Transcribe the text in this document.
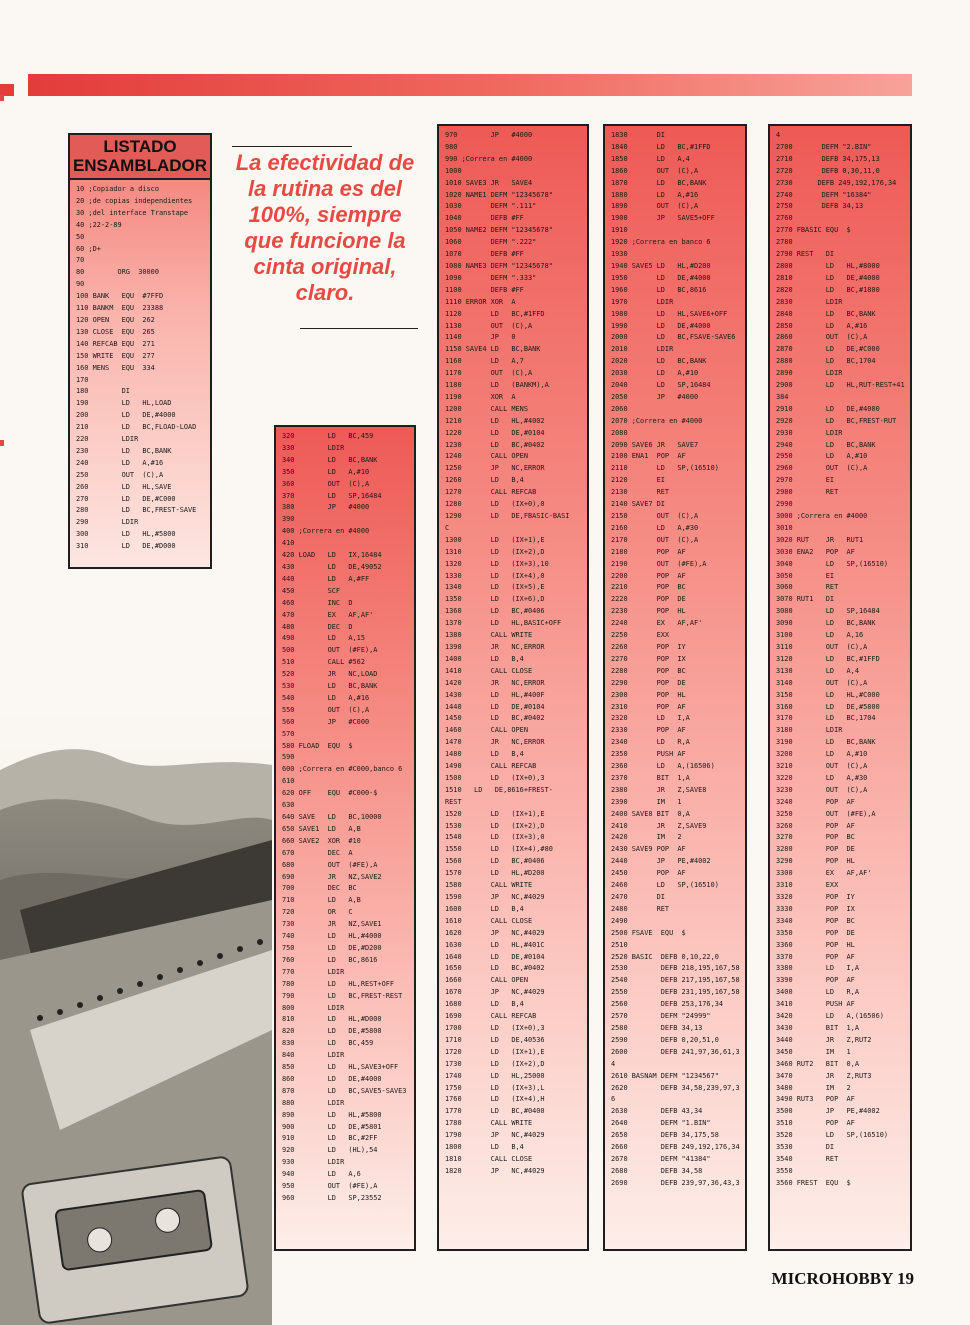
LISTADO
ENSAMBLADOR
10 ;Copiador a disco
20 ;de copias independientes
30 ;del interface Transtape
40 ;22-2-89
50
60 ;D+
70
80        ORG  30000
90
100 BANK   EQU  #7FFD
110 BANKM  EQU  23388
120 OPEN   EQU  262
130 CLOSE  EQU  265
140 REFCAB EQU  271
150 WRITE  EQU  277
160 MENS   EQU  334
170
180        DI
190        LD   HL,LOAD
200        LD   DE,#4000
210        LD   BC,FLOAD-LOAD
220        LDIR
230        LD   BC,BANK
240        LD   A,#16
250        OUT  (C),A
260        LD   HL,SAVE
270        LD   DE,#C000
280        LD   BC,FREST-SAVE
290        LDIR
300        LD   HL,#5800
310        LD   DE,#D000
La efectividad de la rutina es del 100%, siempre que funcione la cinta original, claro.
320        LD   BC,459
330        LDIR
340        LD   BC,BANK
350        LD   A,#10
360        OUT  (C),A
370        LD   SP,16484
380        JP   #4000
390
400 ;Correra en #4000
410
420 LOAD   LD   IX,16484
430        LD   DE,49052
440        LD   A,#FF
450        SCF
460        INC  D
470        EX   AF,AF'
480        DEC  D
490        LD   A,15
500        OUT  (#FE),A
510        CALL #562
520        JR   NC,LOAD
530        LD   BC,BANK
540        LD   A,#16
550        OUT  (C),A
560        JP   #C000
570
580 FLOAD  EQU  $
590
600 ;Correra en #C000,banco 6
610
620 OFF    EQU  #C000-$
630
640 SAVE   LD   BC,10000
650 SAVE1  LD   A,B
660 SAVE2  XOR  #10
670        DEC  A
680        OUT  (#FE),A
690        JR   NZ,SAVE2
700        DEC  BC
710        LD   A,B
720        OR   C
730        JR   NZ,SAVE1
740        LD   HL,#4000
750        LD   DE,#D200
760        LD   BC,8616
770        LDIR
780        LD   HL,REST+OFF
790        LD   BC,FREST-REST
800        LDIR
810        LD   HL,#D000
820        LD   DE,#5800
830        LD   BC,459
840        LDIR
850        LD   HL,SAVE3+OFF
860        LD   DE,#4000
870        LD   BC,SAVE5-SAVE3
880        LDIR
890        LD   HL,#5800
900        LD   DE,#5801
910        LD   BC,#2FF
920        LD   (HL),54
930        LDIR
940        LD   A,6
950        OUT  (#FE),A
960        LD   SP,23552
970        JP   #4000
980
990 ;Correra en #4000
1000
1010 SAVE3 JR   SAVE4
1020 NAME1 DEFM "12345678"
1030       DEFM ".111"
1040       DEFB #FF
1050 NAME2 DEFM "12345678"
1060       DEFM ".222"
1070       DEFB #FF
1080 NAME3 DEFM "12345678"
1090       DEFM ".333"
1100       DEFB #FF
1110 ERROR XOR  A
1120       LD   BC,#1FFD
1130       OUT  (C),A
1140       JP   0
1150 SAVE4 LD   BC,BANK
1160       LD   A,7
1170       OUT  (C),A
1180       LD   (BANKM),A
1190       XOR  A
1200       CALL MENS
1210       LD   HL,#4002
1220       LD   DE,#0104
1230       LD   BC,#0402
1240       CALL OPEN
1250       JP   NC,ERROR
1260       LD   B,4
1270       CALL REFCAB
1280       LD   (IX+0),0
1290       LD   DE,FBASIC-BASI
C
1300       LD   (IX+1),E
1310       LD   (IX+2),D
1320       LD   (IX+3),10
1330       LD   (IX+4),0
1340       LD   (IX+5),E
1350       LD   (IX+6),D
1360       LD   BC,#0406
1370       LD   HL,BASIC+OFF
1380       CALL WRITE
1390       JR   NC,ERROR
1400       LD   B,4
1410       CALL CLOSE
1420       JR   NC,ERROR
1430       LD   HL,#400F
1440       LD   DE,#0104
1450       LD   BC,#0402
1460       CALL OPEN
1470       JR   NC,ERROR
1480       LD   B,4
1490       CALL REFCAB
1500       LD   (IX+0),3
1510   LD   DE,8616+FREST-
REST
1520       LD   (IX+1),E
1530       LD   (IX+2),D
1540       LD   (IX+3),0
1550       LD   (IX+4),#80
1560       LD   BC,#0406
1570       LD   HL,#D200
1580       CALL WRITE
1590       JP   NC,#4029
1600       LD   B,4
1610       CALL CLOSE
1620       JP   NC,#4029
1630       LD   HL,#401C
1640       LD   DE,#0104
1650       LD   BC,#0402
1660       CALL OPEN
1670       JP   NC,#4029
1680       LD   B,4
1690       CALL REFCAB
1700       LD   (IX+0),3
1710       LD   DE,40536
1720       LD   (IX+1),E
1730       LD   (IX+2),D
1740       LD   HL,25000
1750       LD   (IX+3),L
1760       LD   (IX+4),H
1770       LD   BC,#0400
1780       CALL WRITE
1790       JP   NC,#4029
1800       LD   B,4
1810       CALL CLOSE
1820       JP   NC,#4029
1830       DI
1840       LD   BC,#1FFD
1850       LD   A,4
1860       OUT  (C),A
1870       LD   BC,BANK
1880       LD   A,#16
1890       OUT  (C),A
1900       JP   SAVE5+OFF
1910
1920 ;Correra en banco 6
1930
1940 SAVE5 LD   HL,#D200
1950       LD   DE,#4000
1960       LD   BC,8616
1970       LDIR
1980       LD   HL,SAVE6+OFF
1990       LD   DE,#4000
2000       LD   BC,FSAVE-SAVE6
2010       LDIR
2020       LD   BC,BANK
2030       LD   A,#10
2040       LD   SP,16484
2050       JP   #4000
2060
2070 ;Correra en #4000
2080
2090 SAVE6 JR   SAVE7
2100 ENA1  POP  AF
2110       LD   SP,(16510)
2120       EI
2130       RET
2140 SAVE7 DI
2150       OUT  (C),A
2160       LD   A,#30
2170       OUT  (C),A
2180       POP  AF
2190       OUT  (#FE),A
2200       POP  AF
2210       POP  BC
2220       POP  DE
2230       POP  HL
2240       EX   AF,AF'
2250       EXX
2260       POP  IY
2270       POP  IX
2280       POP  BC
2290       POP  DE
2300       POP  HL
2310       POP  AF
2320       LD   I,A
2330       POP  AF
2340       LD   R,A
2350       PUSH AF
2360       LD   A,(16506)
2370       BIT  1,A
2380       JR   Z,SAVE8
2390       IM   1
2400 SAVE8 BIT  0,A
2410       JR   Z,SAVE9
2420       IM   2
2430 SAVE9 POP  AF
2440       JP   PE,#4002
2450       POP  AF
2460       LD   SP,(16510)
2470       DI
2480       RET
2490
2500 FSAVE  EQU  $
2510
2520 BASIC  DEFB 0,10,22,0
2530        DEFB 218,195,167,58
2540        DEFB 217,195,167,58
2550        DEFB 231,195,167,58
2560        DEFB 253,176,34
2570        DEFM "24999"
2580        DEFB 34,13
2590        DEFB 0,20,51,0
2600        DEFB 241,97,36,61,3
4
2610 BASNAM DEFM "1234567"
2620        DEFB 34,58,239,97,3
6
2630        DEFB 43,34
2640        DEFM "1.BIN"
2650        DEFB 34,175,58
2660        DEFB 249,192,176,34
2670        DEFM "41384"
2680        DEFB 34,58
2690        DEFB 239,97,36,43,3
4
2700       DEFM "2.BIN"
2710       DEFB 34,175,13
2720       DEFB 0,30,11,0
2730      DEFB 249,192,176,34
2740       DEFM "16384"
2750       DEFB 34,13
2760
2770 FBASIC EQU  $
2780
2790 REST   DI
2800        LD   HL,#8000
2810        LD   DE,#4000
2820        LD   BC,#1800
2830        LDIR
2840        LD   BC,BANK
2850        LD   A,#16
2860        OUT  (C),A
2870        LD   DE,#C000
2880        LD   BC,1704
2890        LDIR
2900        LD   HL,RUT-REST+41
384
2910        LD   DE,#4000
2920        LD   BC,FREST-RUT
2930        LDIR
2940        LD   BC,BANK
2950        LD   A,#10
2960        OUT  (C),A
2970        EI
2980        RET
2990
3000 ;Correra en #4000
3010
3020 RUT    JR   RUT1
3030 ENA2   POP  AF
3040        LD   SP,(16510)
3050        EI
3060        RET
3070 RUT1   DI
3080        LD   SP,16484
3090        LD   BC,BANK
3100        LD   A,16
3110        OUT  (C),A
3120        LD   BC,#1FFD
3130        LD   A,4
3140        OUT  (C),A
3150        LD   HL,#C000
3160        LD   DE,#5800
3170        LD   BC,1704
3180        LDIR
3190        LD   BC,BANK
3200        LD   A,#10
3210        OUT  (C),A
3220        LD   A,#30
3230        OUT  (C),A
3240        POP  AF
3250        OUT  (#FE),A
3260        POP  AF
3270        POP  BC
3280        POP  DE
3290        POP  HL
3300        EX   AF,AF'
3310        EXX
3320        POP  IY
3330        POP  IX
3340        POP  BC
3350        POP  DE
3360        POP  HL
3370        POP  AF
3380        LD   I,A
3390        POP  AF
3400        LD   R,A
3410        PUSH AF
3420        LD   A,(16506)
3430        BIT  1,A
3440        JR   Z,RUT2
3450        IM   1
3460 RUT2   BIT  0,A
3470        JR   Z,RUT3
3480        IM   2
3490 RUT3   POP  AF
3500        JP   PE,#4002
3510        POP  AF
3520        LD   SP,(16510)
3530        DI
3540        RET
3550
3560 FREST  EQU  $
MICROHOBBY 19
